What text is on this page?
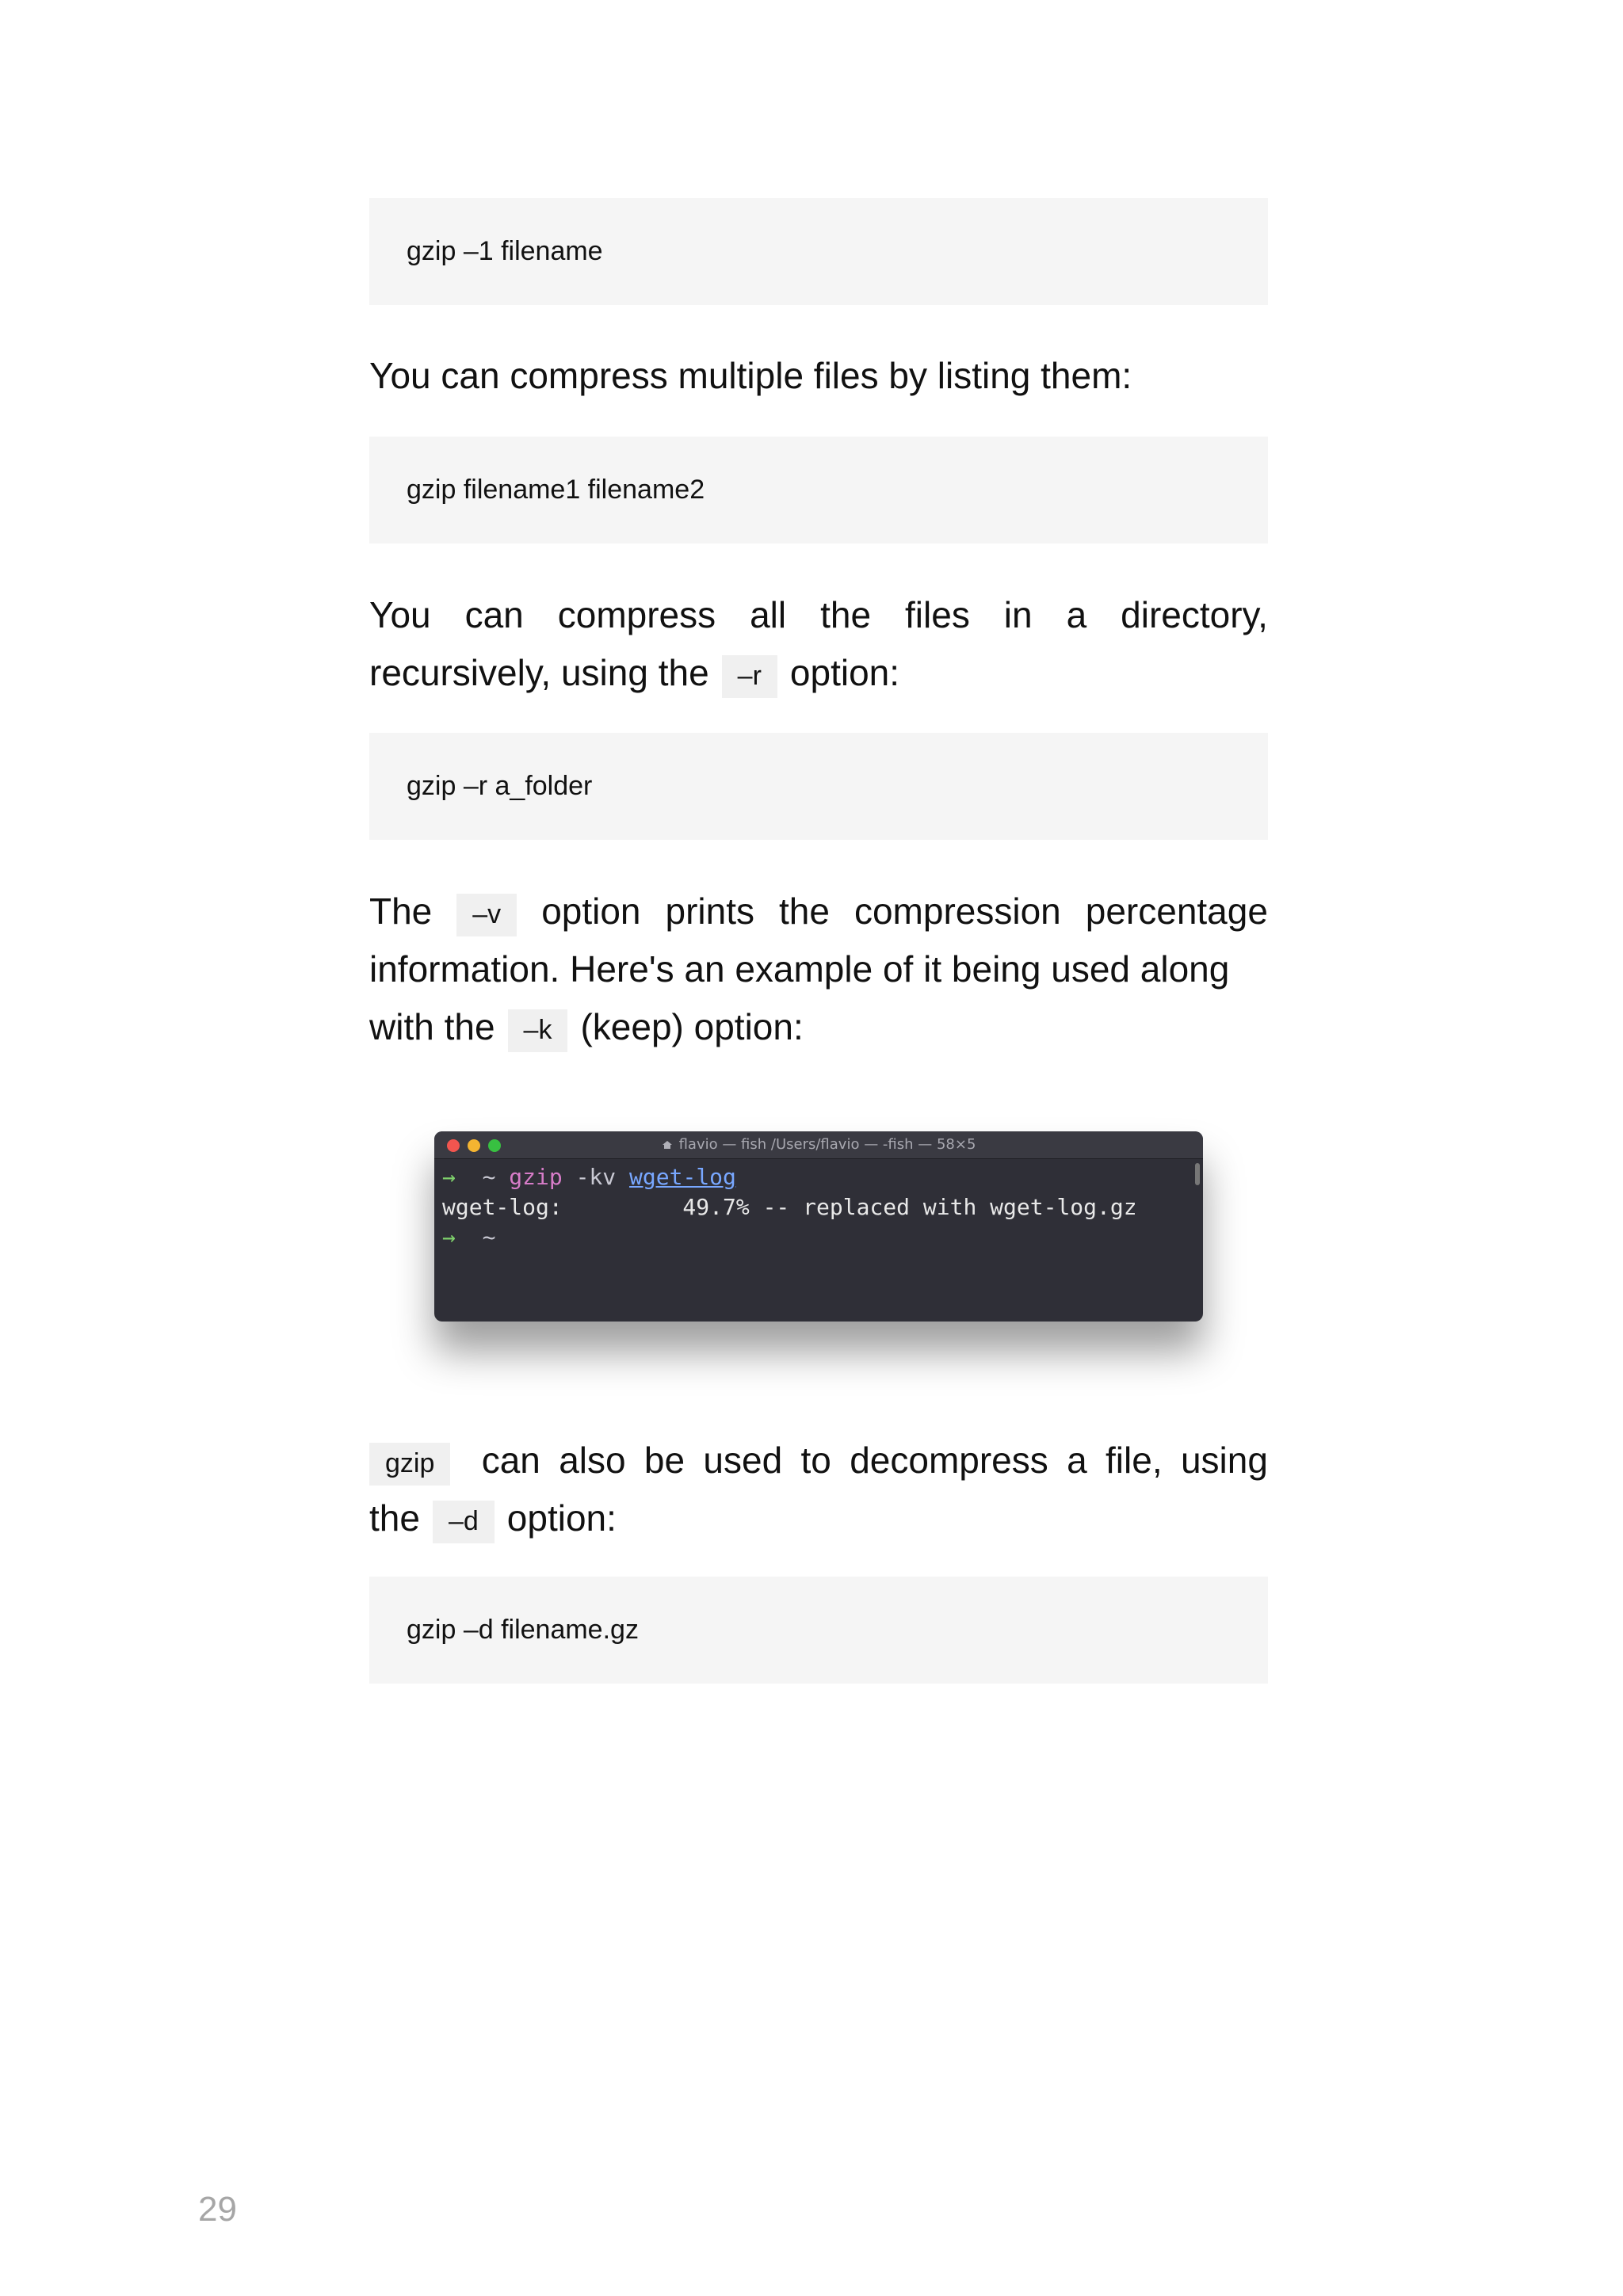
gzip –1 filename

You can compress multiple files by listing them:

gzip filename1 filename2
You can compress all the files in a directory,
recursively, using the	–r option:
gzip –r a_folder
The	–v	option prints the compression percentage
information. Here's an example of it being used along
with the	–k (keep) option:
flavio — fish /Users/flavio — -fish — 58×5
→ ~ gzip -kv wget-log
wget-log:         49.7% -- replaced with wget-log.gz
→ ~
gzip	can also be used to decompress a file, using
the	–d option:
gzip –d filename.gz
29
